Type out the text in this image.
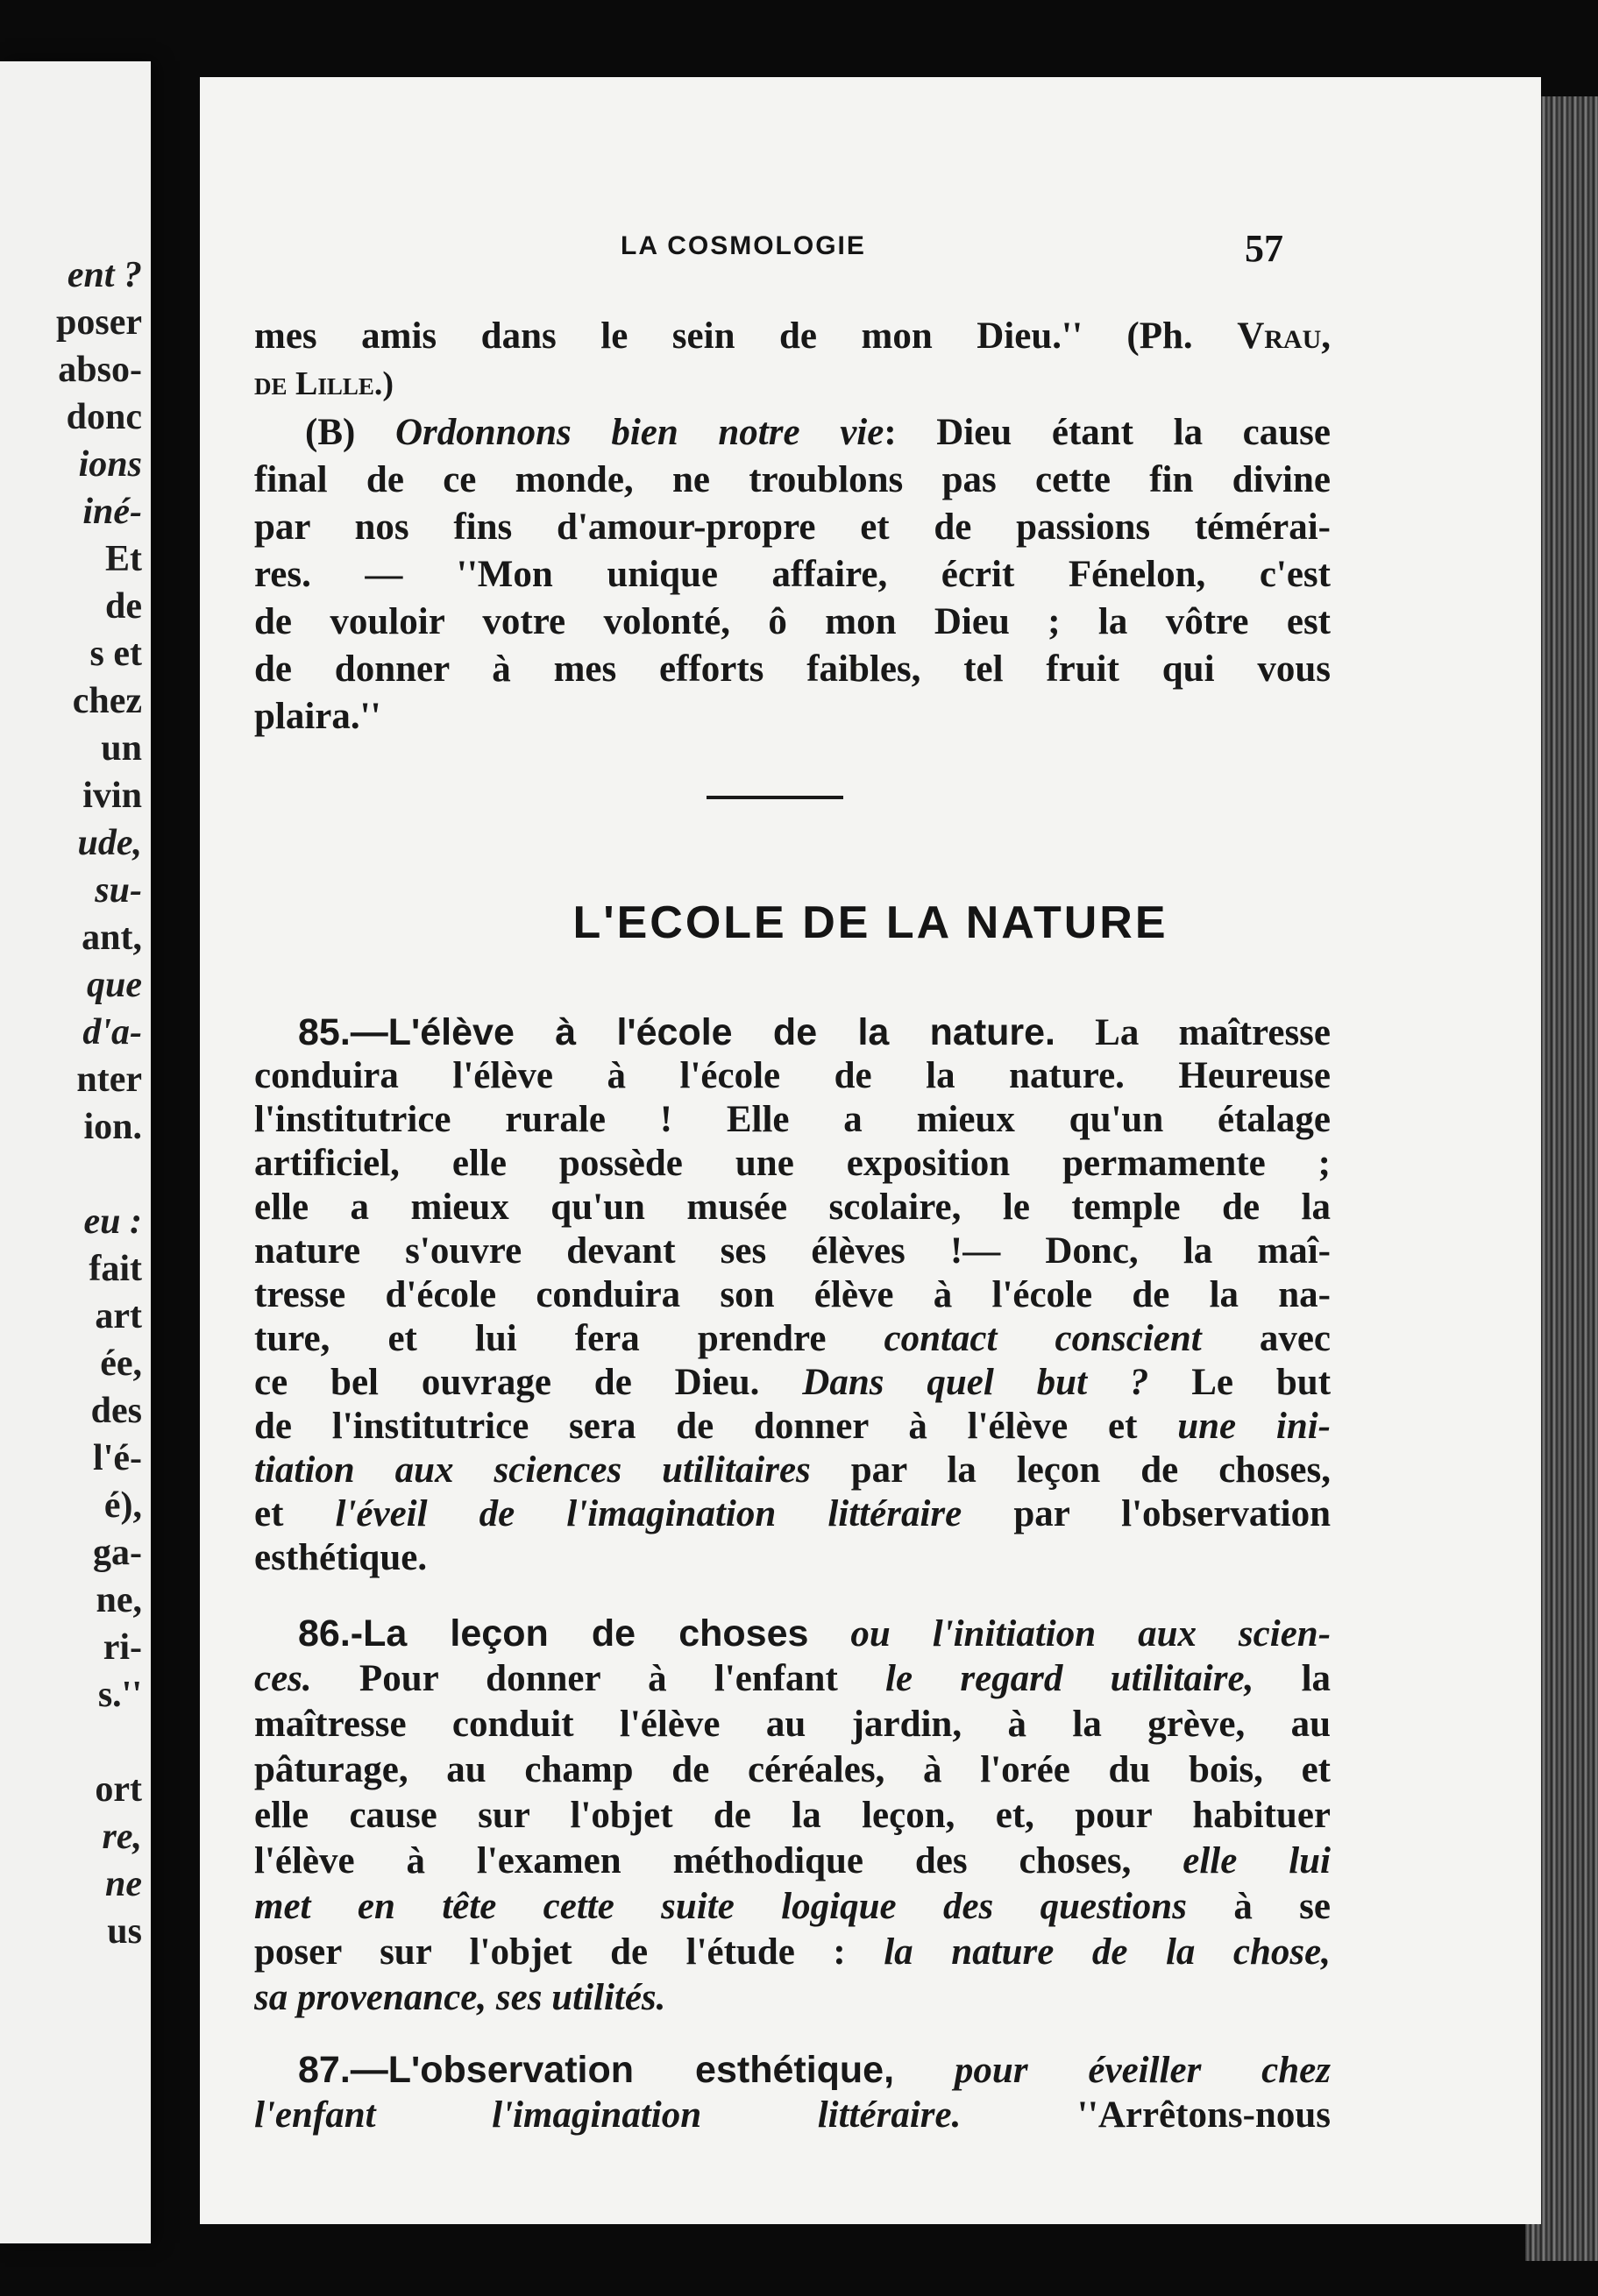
ent ?
poser
abso-
donc
ions
iné-
Et
de
s et
chez
un
ivin
ude,
su-
ant,
que
d'a-
nter
ion.
eu :
fait
art
ée,
des
l'é-
é),
ga-
ne,
ri-
s.''
ort
re,
ne
us
LA COSMOLOGIE	57
mes amis dans le sein de mon Dieu.'' (Ph. Vrau,
de Lille.)
(B) Ordonnons bien notre vie: Dieu étant la cause
final de ce monde, ne troublons pas cette fin divine
par nos fins d'amour-propre et de passions témérai-
res. — ''Mon unique affaire, écrit Fénelon, c'est
de vouloir votre volonté, ô mon Dieu ; la vôtre est
de donner à mes efforts faibles, tel fruit qui vous
plaira.''
L'ECOLE DE LA NATURE
85.—L'élève à l'école de la nature. La maîtresse
conduira l'élève à l'école de la nature. Heureuse
l'institutrice rurale ! Elle a mieux qu'un étalage
artificiel, elle possède une exposition permamente ;
elle a mieux qu'un musée scolaire, le temple de la
nature s'ouvre devant ses élèves !— Donc, la maî-
tresse d'école conduira son élève à l'école de la na-
ture, et lui fera prendre contact conscient avec
ce bel ouvrage de Dieu. Dans quel but ? Le but
de l'institutrice sera de donner à l'élève et une ini-
tiation aux sciences utilitaires par la leçon de choses,
et l'éveil de l'imagination littéraire par l'observation
esthétique.
86.-La leçon de choses ou l'initiation aux scien-
ces. Pour donner à l'enfant le regard utilitaire, la
maîtresse conduit l'élève au jardin, à la grève, au
pâturage, au champ de céréales, à l'orée du bois, et
elle cause sur l'objet de la leçon, et, pour habituer
l'élève à l'examen méthodique des choses, elle lui
met en tête cette suite logique des questions à se
poser sur l'objet de l'étude : la nature de la chose,
sa provenance, ses utilités.
87.—L'observation esthétique, pour éveiller chez
l'enfant l'imagination littéraire.	''Arrêtons-nous
